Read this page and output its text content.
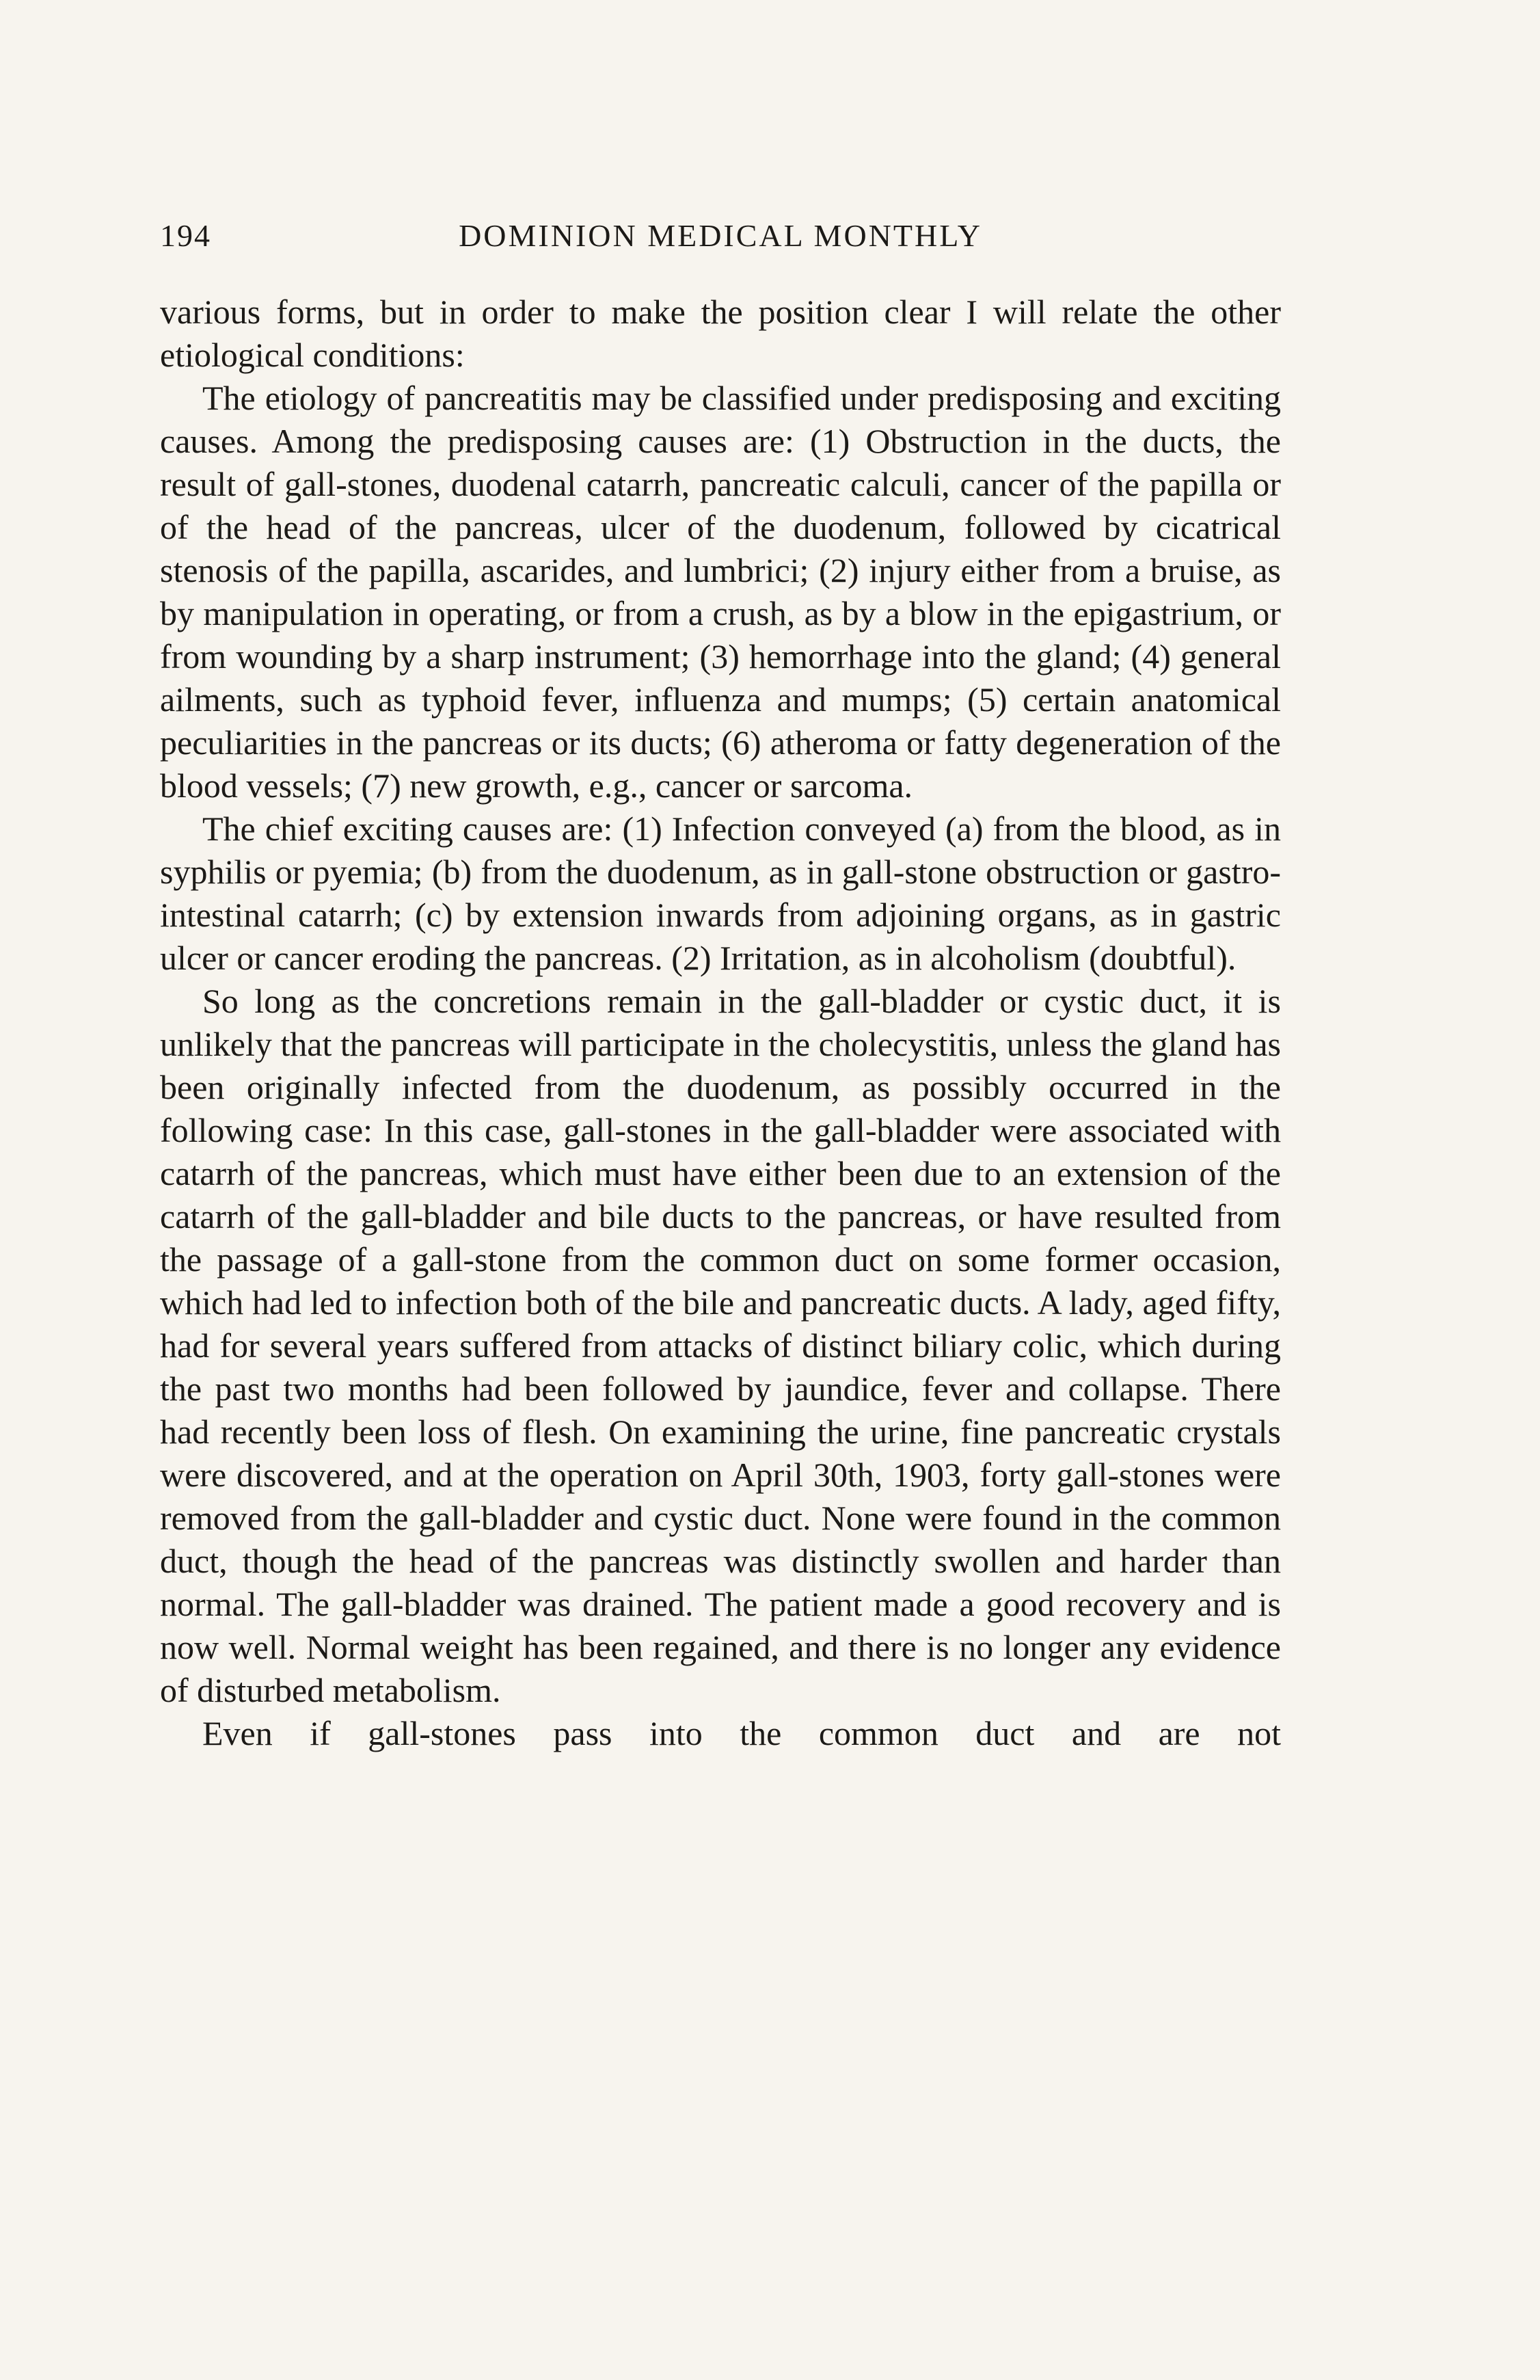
194	DOMINION MEDICAL MONTHLY

various forms, but in order to make the position clear I will relate the other etiological conditions:

The etiology of pancreatitis may be classified under predisposing and exciting causes. Among the predisposing causes are: (1) Obstruction in the ducts, the result of gall-stones, duodenal catarrh, pancreatic calculi, cancer of the papilla or of the head of the pancreas, ulcer of the duodenum, followed by cicatrical stenosis of the papilla, ascarides, and lumbrici; (2) injury either from a bruise, as by manipulation in operating, or from a crush, as by a blow in the epigastrium, or from wounding by a sharp instrument; (3) hemorrhage into the gland; (4) general ailments, such as typhoid fever, influenza and mumps; (5) certain anatomical peculiarities in the pancreas or its ducts; (6) atheroma or fatty degeneration of the blood vessels; (7) new growth, e.g., cancer or sarcoma.

The chief exciting causes are: (1) Infection conveyed (a) from the blood, as in syphilis or pyemia; (b) from the duodenum, as in gall-stone obstruction or gastro-intestinal catarrh; (c) by extension inwards from adjoining organs, as in gastric ulcer or cancer eroding the pancreas. (2) Irritation, as in alcoholism (doubtful).

So long as the concretions remain in the gall-bladder or cystic duct, it is unlikely that the pancreas will participate in the cholecystitis, unless the gland has been originally infected from the duodenum, as possibly occurred in the following case: In this case, gall-stones in the gall-bladder were associated with catarrh of the pancreas, which must have either been due to an extension of the catarrh of the gall-bladder and bile ducts to the pancreas, or have resulted from the passage of a gall-stone from the common duct on some former occasion, which had led to infection both of the bile and pancreatic ducts. A lady, aged fifty, had for several years suffered from attacks of distinct biliary colic, which during the past two months had been followed by jaundice, fever and collapse. There had recently been loss of flesh. On examining the urine, fine pancreatic crystals were discovered, and at the operation on April 30th, 1903, forty gall-stones were removed from the gall-bladder and cystic duct. None were found in the common duct, though the head of the pancreas was distinctly swollen and harder than normal. The gall-bladder was drained. The patient made a good recovery and is now well. Normal weight has been regained, and there is no longer any evidence of disturbed metabolism.

Even if gall-stones pass into the common duct and are not
